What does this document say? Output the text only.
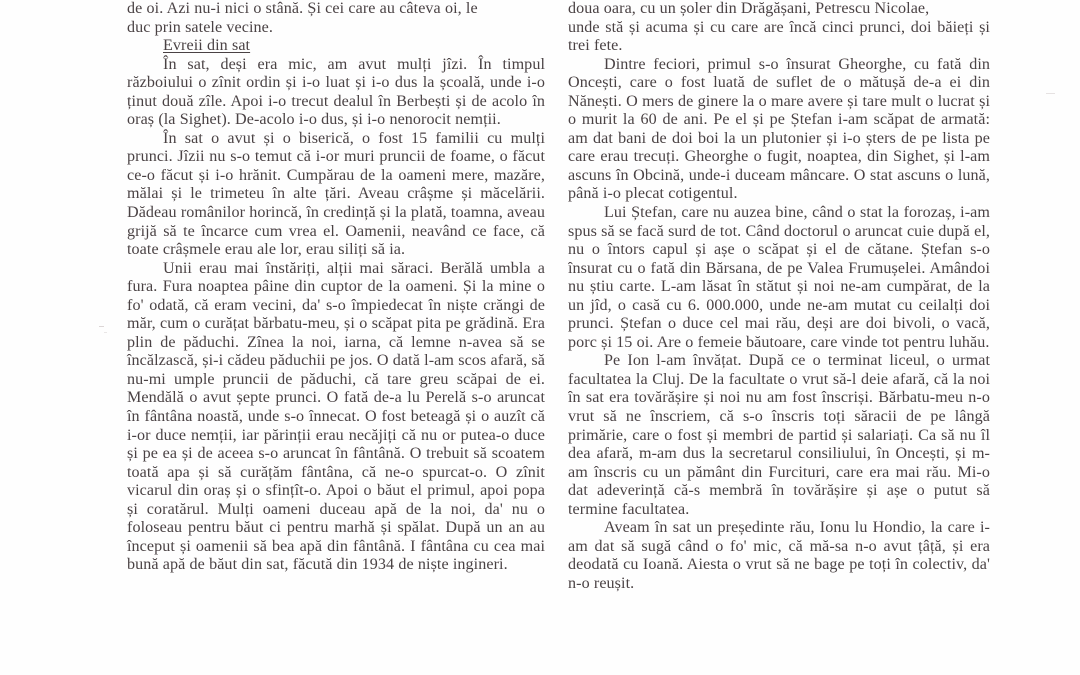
de oi. Azi nu-i nici o stână. Și cei care au câteva oi, le

duc prin satele vecine.

Evreii din sat

În sat, deși era mic, am avut mulți jîzi. În timpul războiului o zînit ordin și i-o luat și i-o dus la școală, unde i-o ținut două zîle. Apoi i-o trecut dealul în Berbești și de acolo în oraș (la Sighet). De-acolo i-o dus, și i-o nenorocit nemții.

În sat o avut și o biserică, o fost 15 familii cu mulți prunci. Jîzii nu s-o temut că i-or muri pruncii de foame, o făcut ce-o făcut și i-o hrănit. Cumpărau de la oameni mere, mazăre, mălai și le trimeteu în alte țări. Aveau crâșme și măcelării. Dădeau românilor horincă, în credință și la plată, toamna, aveau grijă să te încarce cum vrea el. Oamenii, neavând ce face, că toate crâșmele erau ale lor, erau siliți să ia.

Unii erau mai înstăriți, alții mai săraci. Berălă umbla a fura. Fura noaptea pâine din cuptor de la oameni. Și la mine o fo' odată, că eram vecini, da' s-o împiedecat în niște crăngi de măr, cum o curățat bărbatu-meu, și o scăpat pita pe grădină. Era plin de păduchi. Zînea la noi, iarna, că lemne n-avea să se încălzască, și-i cădeu păduchii pe jos. O dată l-am scos afară, să nu-mi umple pruncii de păduchi, că tare greu scăpai de ei. Mendălă o avut șepte prunci. O fată de-a lu Perelă s-o aruncat în fântâna noastă, unde s-o înnecat. O fost beteagă și o auzît că i-or duce nemții, iar părinții erau necăjiți că nu or putea-o duce și pe ea și de aceea s-o aruncat în fântână. O trebuit să scoatem toată apa și să curățăm fântâna, că ne-o spurcat-o. O zînit vicarul din oraș și o sfințît-o. Apoi o băut el primul, apoi popa și coratărul. Mulți oameni duceau apă de la noi, da' nu o foloseau pentru băut ci pentru marhă și spălat. După un an au început și oamenii să bea apă din fântână. I fântâna cu cea mai bună apă de băut din sat, făcută din 1934 de niște ingineri.

doua oara, cu un șoler din Drăgășani, Petrescu Nicolae,

unde stă și acuma și cu care are încă cinci prunci, doi băieți și trei fete.

Dintre feciori, primul s-o însurat Gheorghe, cu fată din Oncești, care o fost luată de suflet de o mătușă de-a ei din Nănești. O mers de ginere la o mare avere și tare mult o lucrat și o murit la 60 de ani. Pe el și pe Ștefan i-am scăpat de armată: am dat bani de doi boi la un plutonier și i-o șters de pe lista pe care erau trecuți. Gheorghe o fugit, noaptea, din Sighet, și l-am ascuns în Obcină, unde-i duceam mâncare. O stat ascuns o lună, până i-o plecat cotigentul.

Lui Ștefan, care nu auzea bine, când o stat la forozaș, i-am spus să se facă surd de tot. Când doctorul o aruncat cuie după el, nu o întors capul și așe o scăpat și el de cătane. Ștefan s-o însurat cu o fată din Bărsana, de pe Valea Frumușelei. Amândoi nu știu carte. L-am lăsat în stătut și noi ne-am cumpărat, de la un jîd, o casă cu 6. 000.000, unde ne-am mutat cu ceilalți doi prunci. Ștefan o duce cel mai rău, deși are doi bivoli, o vacă, porc și 15 oi. Are o femeie băutoare, care vinde tot pentru luhău.

Pe Ion l-am învățat. După ce o terminat liceul, o urmat facultatea la Cluj. De la facultate o vrut să-l deie afară, că la noi în sat era tovărășire și noi nu am fost înscriși. Bărbatu-meu n-o vrut să ne înscriem, că s-o înscris toți săracii de pe lângă primărie, care o fost și membri de partid și salariați. Ca să nu îl dea afară, m-am dus la secretarul consiliului, în Oncești, și m-am înscris cu un pământ din Furcituri, care era mai rău. Mi-o dat adeverință că-s membră în tovărășire și așe o putut să termine facultatea.

Aveam în sat un președinte rău, Ionu lu Hondio, la care i-am dat să sugă când o fo' mic, că mă-sa n-o avut țâță, și era deodată cu Ioană. Aiesta o vrut să ne bage pe toți în colectiv, da' n-o reușit.
